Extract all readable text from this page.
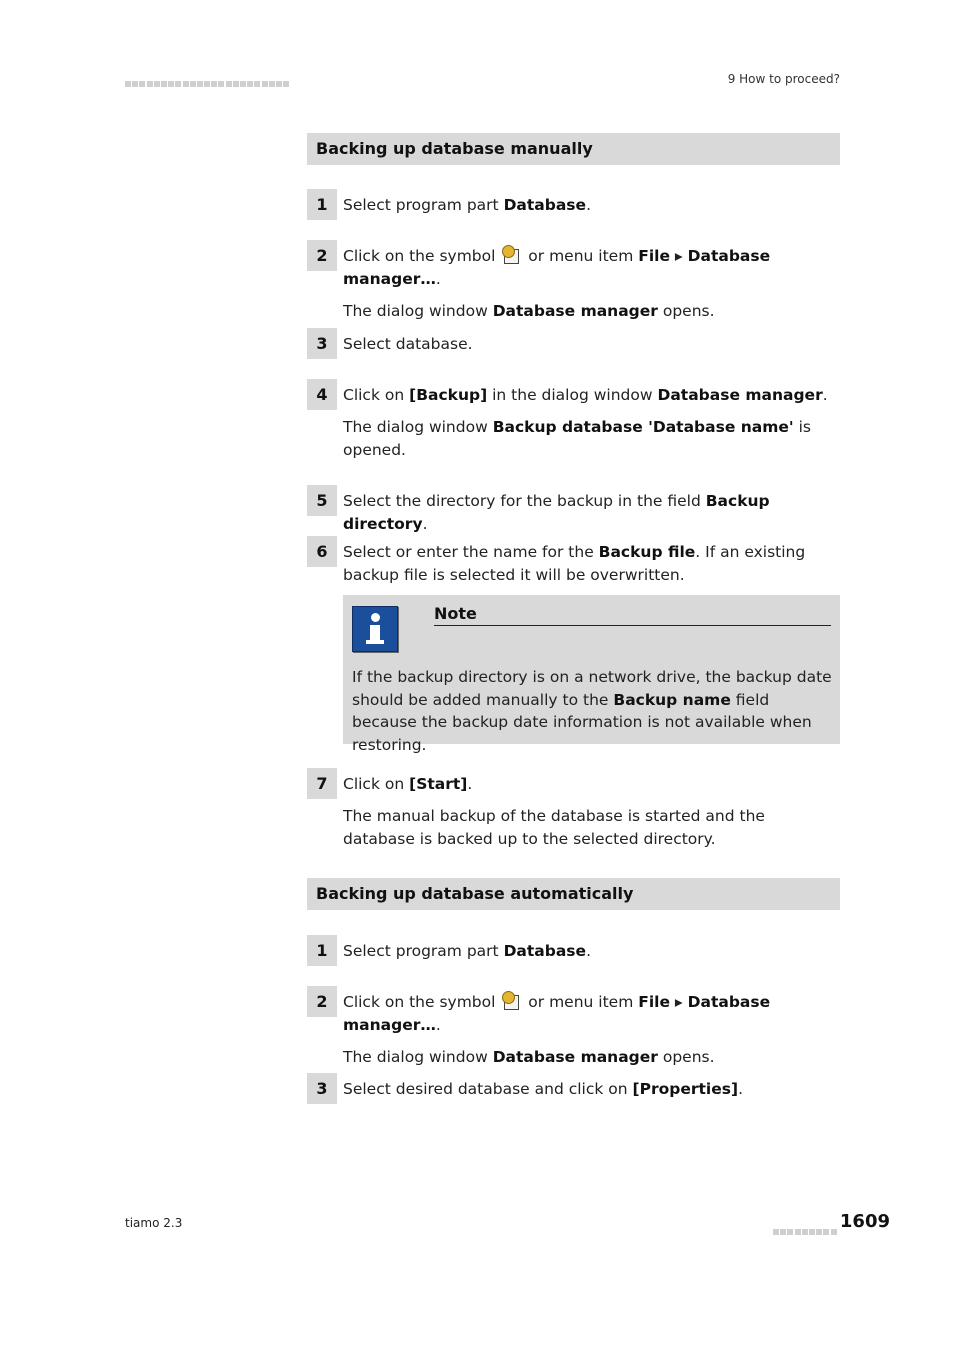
9 How to proceed?
Backing up database manually
1 Select program part Database.

2 Click on the symbol
or menu item File ▸ Database manager….

The dialog window Database manager opens.

3 Select database.

4 Click on [Backup] in the dialog window Database manager.

The dialog window Backup database 'Database name' is opened.

5 Select the directory for the backup in the field Backup directory.

6 Select or enter the name for the Backup file. If an existing backup file is selected it will be overwritten.

Note
If the backup directory is on a network drive, the backup date should be added manually to the Backup name field because the backup date information is not available when restoring.
7 Click on [Start].

The manual backup of the database is started and the database is backed up to the selected directory.

Backing up database automatically
1 Select program part Database.

2 Click on the symbol
or menu item File ▸ Database manager….

The dialog window Database manager opens.

3 Select desired database and click on [Properties].

tiamo 2.3	1609
